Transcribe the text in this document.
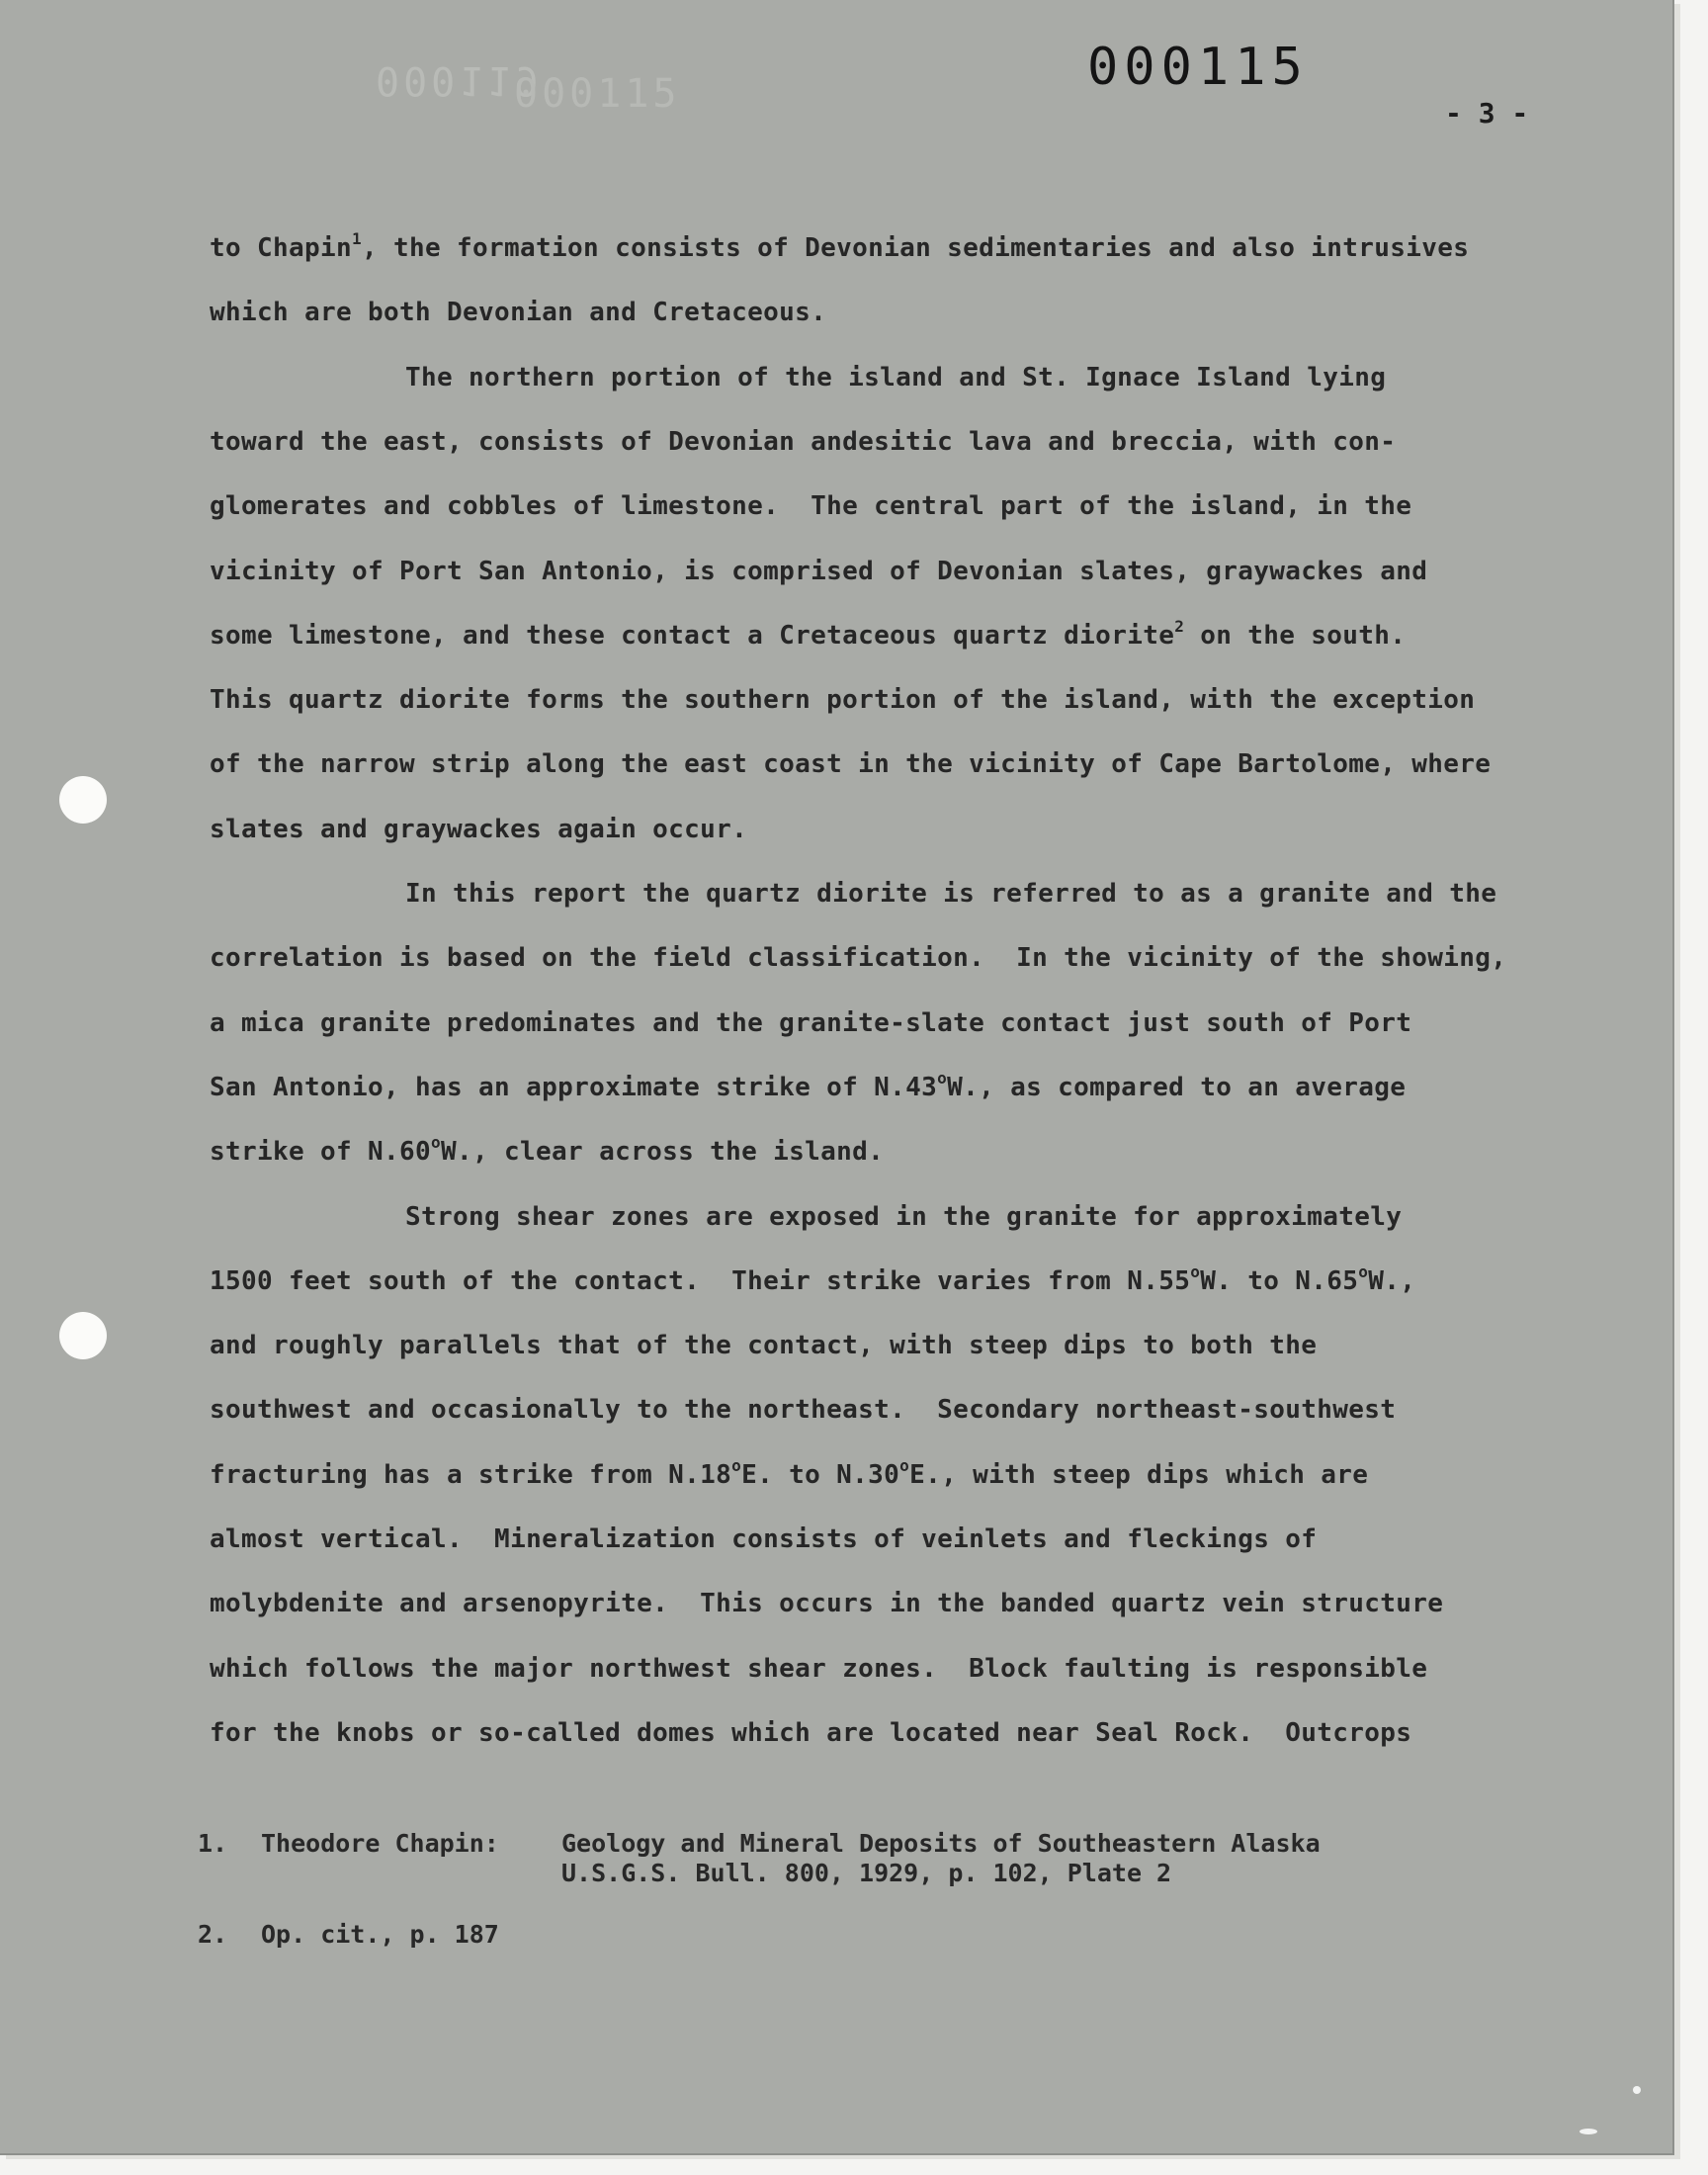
000119
000115	000115
- 3 -

to Chapin$^1$, the formation consists of Devonian sedimentaries and also intrusives

which are both Devonian and Cretaceous.

The northern portion of the island and St. Ignace Island lying

toward the east, consists of Devonian andesitic lava and breccia, with con-

glomerates and cobbles of limestone.  The central part of the island, in the

vicinity of Port San Antonio, is comprised of Devonian slates, graywackes and

some limestone, and these contact a Cretaceous quartz diorite$^2$ on the south.

This quartz diorite forms the southern portion of the island, with the exception

of the narrow strip along the east coast in the vicinity of Cape Bartolome, where

slates and graywackes again occur.

In this report the quartz diorite is referred to as a granite and the

correlation is based on the field classification.  In the vicinity of the showing,

a mica granite predominates and the granite-slate contact just south of Port

San Antonio, has an approximate strike of N.43$^o$W., as compared to an average

strike of N.60$^o$W., clear across the island.

Strong shear zones are exposed in the granite for approximately

1500 feet south of the contact.  Their strike varies from N.55$^o$W. to N.65$^o$W.,

and roughly parallels that of the contact, with steep dips to both the

southwest and occasionally to the northeast.  Secondary northeast-southwest

fracturing has a strike from N.18$^o$E. to N.30$^o$E., with steep dips which are

almost vertical.  Mineralization consists of veinlets and fleckings of

molybdenite and arsenopyrite.  This occurs in the banded quartz vein structure

which follows the major northwest shear zones.  Block faulting is responsible

for the knobs or so-called domes which are located near Seal Rock.  Outcrops

1. Theodore Chapin:	Geology and Mineral Deposits of Southeastern Alaska

U.S.G.S. Bull. 800, 1929, p. 102, Plate 2

2. Op. cit., p. 187
